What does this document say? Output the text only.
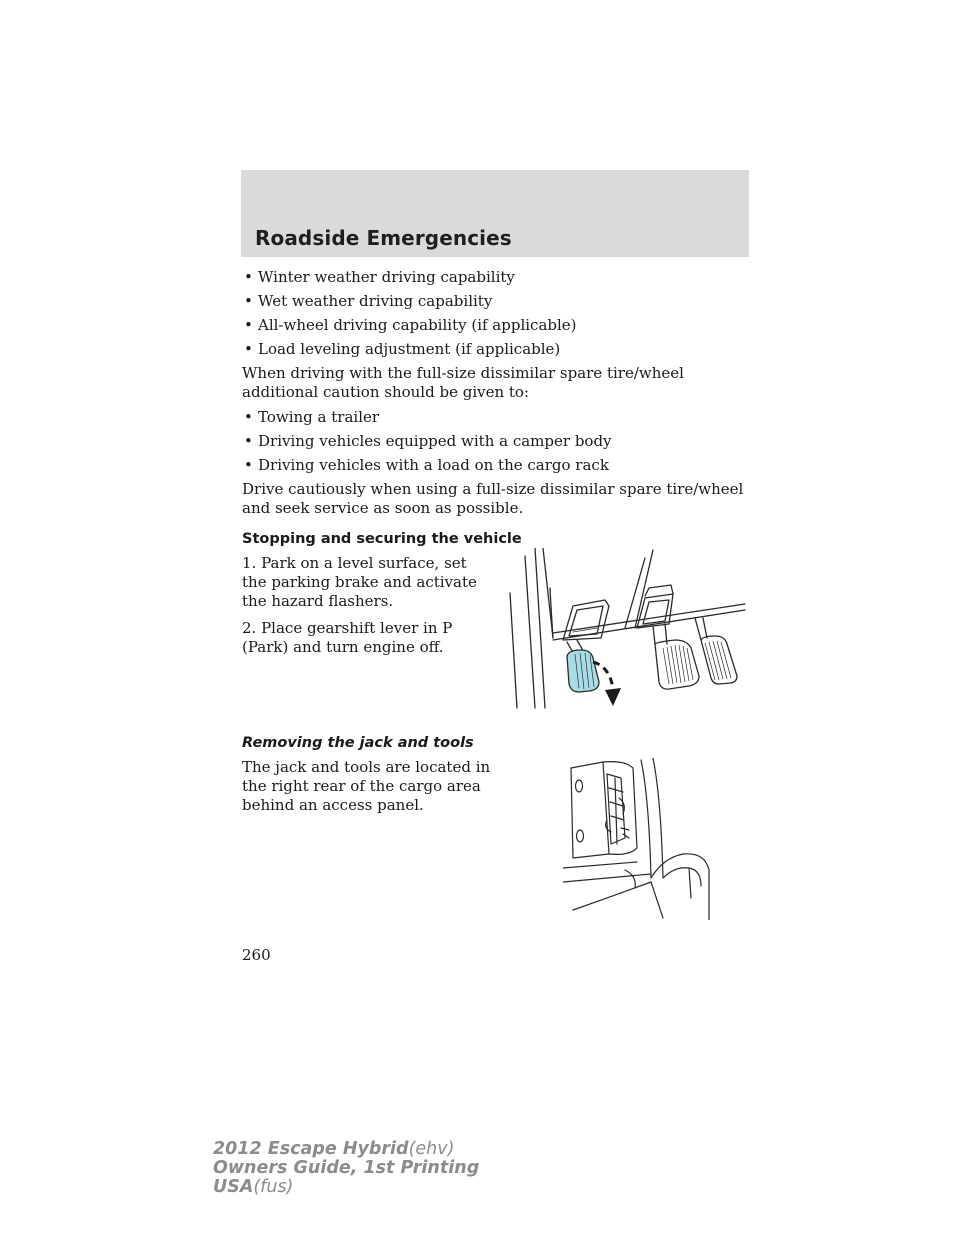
Roadside Emergencies
• Winter weather driving capability
• Wet weather driving capability
• All-wheel driving capability (if applicable)
• Load leveling adjustment (if applicable)

When driving with the full-size dissimilar spare tire/wheel additional caution should be given to:

• Towing a trailer
• Driving vehicles equipped with a camper body
• Driving vehicles with a load on the cargo rack

Drive cautiously when using a full-size dissimilar spare tire/wheel and seek service as soon as possible.

Stopping and securing the vehicle

1. Park on a level surface, set the parking brake and activate the hazard flashers.

2. Place gearshift lever in P (Park) and turn engine off.

Removing the jack and tools

The jack and tools are located in the right rear of the cargo area behind an access panel.

260
2012 Escape Hybrid(ehv)
Owners Guide, 1st Printing
USA(fus)
